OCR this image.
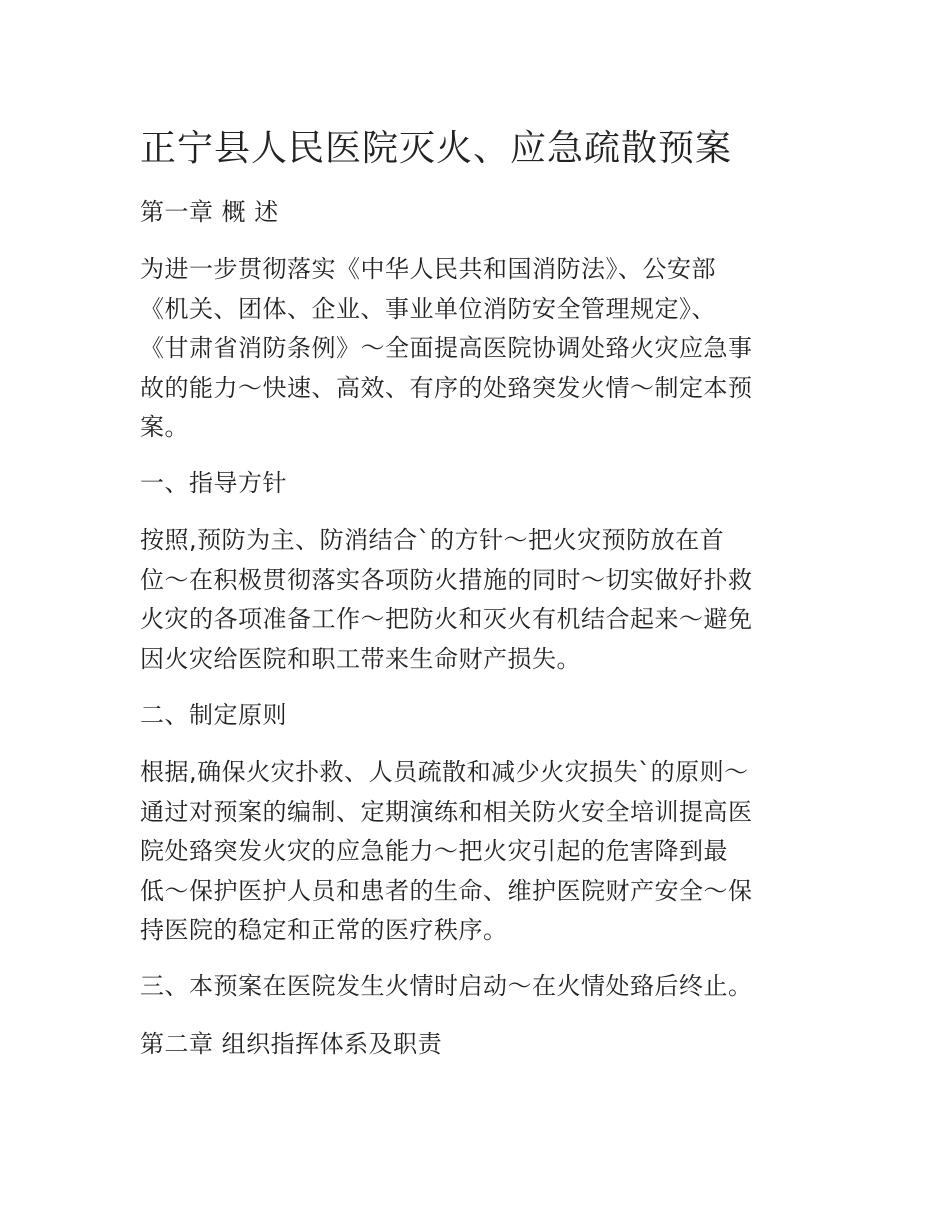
正宁县人民医院灭火、应急疏散预案
第一章 概 述

为进一步贯彻落实《中华人民共和国消防法》、公安部
《机关、团体、企业、事业单位消防安全管理规定》、
《甘肃省消防条例》～全面提高医院协调处臵火灾应急事
故的能力～快速、高效、有序的处臵突发火情～制定本预
案。

一、指导方针

按照,预防为主、防消结合`的方针～把火灾预防放在首
位～在积极贯彻落实各项防火措施的同时～切实做好扑救
火灾的各项准备工作～把防火和灭火有机结合起来～避免
因火灾给医院和职工带来生命财产损失。

二、制定原则

根据,确保火灾扑救、人员疏散和减少火灾损失`的原则～
通过对预案的编制、定期演练和相关防火安全培训提高医
院处臵突发火灾的应急能力～把火灾引起的危害降到最
低～保护医护人员和患者的生命、维护医院财产安全～保
持医院的稳定和正常的医疗秩序。

三、本预案在医院发生火情时启动～在火情处臵后终止。
第二章 组织指挥体系及职责
